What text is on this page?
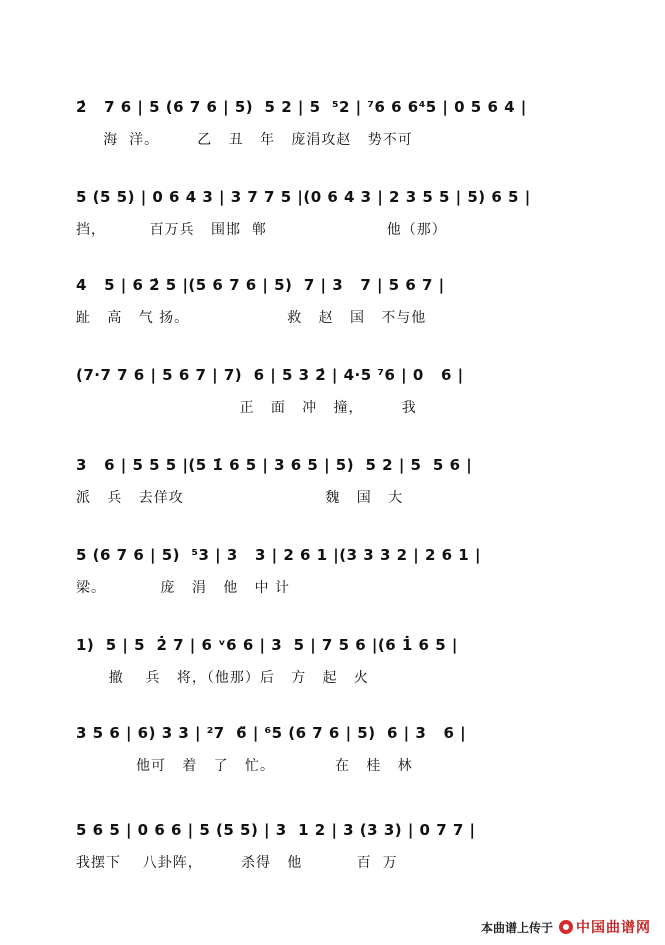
2̇   7 6 | 5 (6 7 6 | 5)  5 2 | 5  ⁵2 | ⁷6 6 6⁴5 | 0 5 6 4 |
海  洋。       乙   丑   年   庞涓攻赵   势不可
5 (5 5) | 0 6 4 3 | 3 7 7 5 |(0 6 4 3 | 2 3 5 5 | 5) 6 5 |
挡，        百万兵   围邯  郸                      他（那）
4   5 | 6 2̇ 5 |(5 6 7 6 | 5)  7 | 3   7 | 5 6 7 |
趾   高   气 扬。                  救   赵   国   不与他
(7·7 7 6 | 5 6 7 | 7)  6 | 5 3 2̇ | 4·5 ⁷6 | 0   6 |
正   面   冲   撞，       我
3   6 | 5 5 5 |(5 1̇ 6 5 | 3 6 5 | 5)  5 2 | 5  5 6 |
派   兵   去佯攻                          魏   国   大
5 (6 7 6 | 5)  ⁵3 | 3   3 | 2 6 1 |(3 3 3 2 | 2 6 1 |
梁。          庞   涓   他   中 计
1)  5 | 5  2̇ 7 | 6 ᵛ6 6 | 3  5 | 7 5 6 |(6 1̇ 6 5 |
撤    兵   将，（他那）后   方   起   火
3 5 6 | 6) 3 3 | ²7  6̈ | ⁶5 (6 7 6 | 5)  6 | 3   6 |
他可   着   了   忙。           在   桂   林
5 6 5 | 0 6 6 | 5 (5 5) | 3  1 2 | 3 (3 3) | 0 7 7 |
我摆下    八卦阵，       杀得   他          百  万
本曲谱上传于 中国曲谱网
